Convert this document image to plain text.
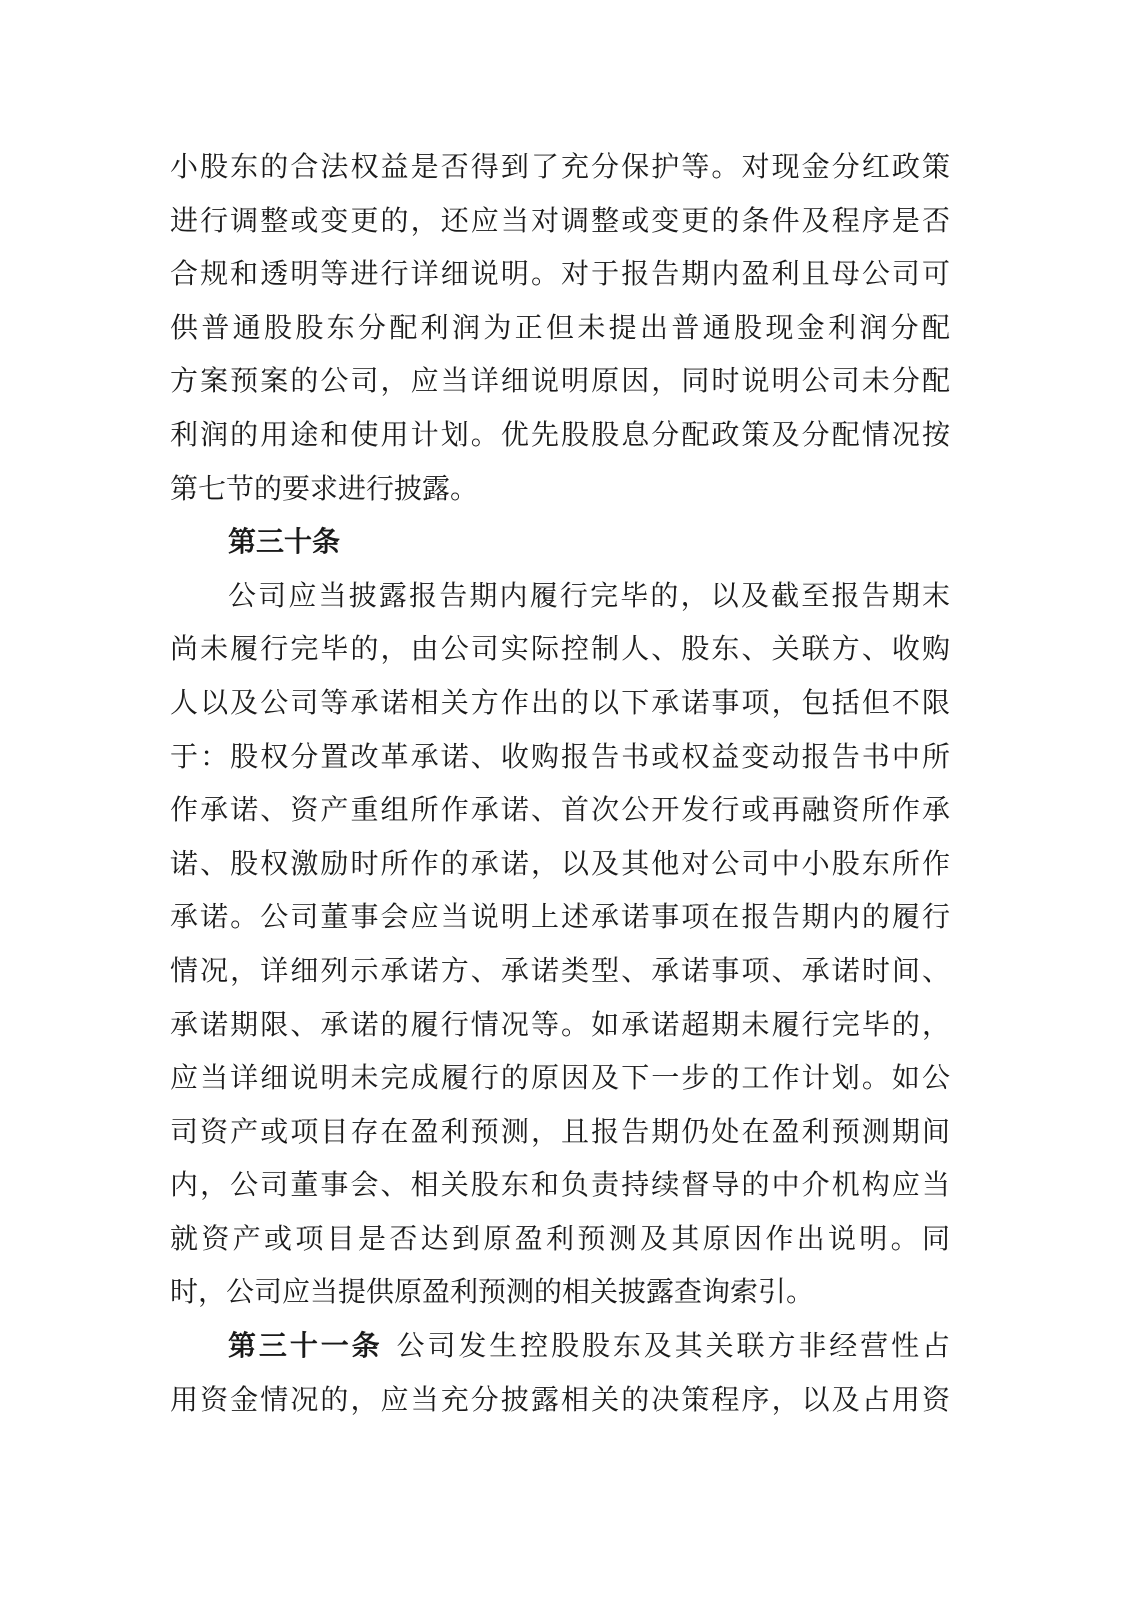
小股东的合法权益是否得到了充分保护等。对现金分红政策
进行调整或变更的，还应当对调整或变更的条件及程序是否
合规和透明等进行详细说明。对于报告期内盈利且母公司可
供普通股股东分配利润为正但未提出普通股现金利润分配
方案预案的公司，应当详细说明原因，同时说明公司未分配
利润的用途和使用计划。优先股股息分配政策及分配情况按
第七节的要求进行披露。
第三十条
公司应当披露报告期内履行完毕的，以及截至报告期末
尚未履行完毕的，由公司实际控制人、股东、关联方、收购
人以及公司等承诺相关方作出的以下承诺事项，包括但不限
于：股权分置改革承诺、收购报告书或权益变动报告书中所
作承诺、资产重组所作承诺、首次公开发行或再融资所作承
诺、股权激励时所作的承诺，以及其他对公司中小股东所作
承诺。公司董事会应当说明上述承诺事项在报告期内的履行
情况，详细列示承诺方、承诺类型、承诺事项、承诺时间、
承诺期限、承诺的履行情况等。如承诺超期未履行完毕的，
应当详细说明未完成履行的原因及下一步的工作计划。如公
司资产或项目存在盈利预测，且报告期仍处在盈利预测期间
内，公司董事会、相关股东和负责持续督导的中介机构应当
就资产或项目是否达到原盈利预测及其原因作出说明。同
时，公司应当提供原盈利预测的相关披露查询索引。
第三十一条 公司发生控股股东及其关联方非经营性占
用资金情况的，应当充分披露相关的决策程序，以及占用资
